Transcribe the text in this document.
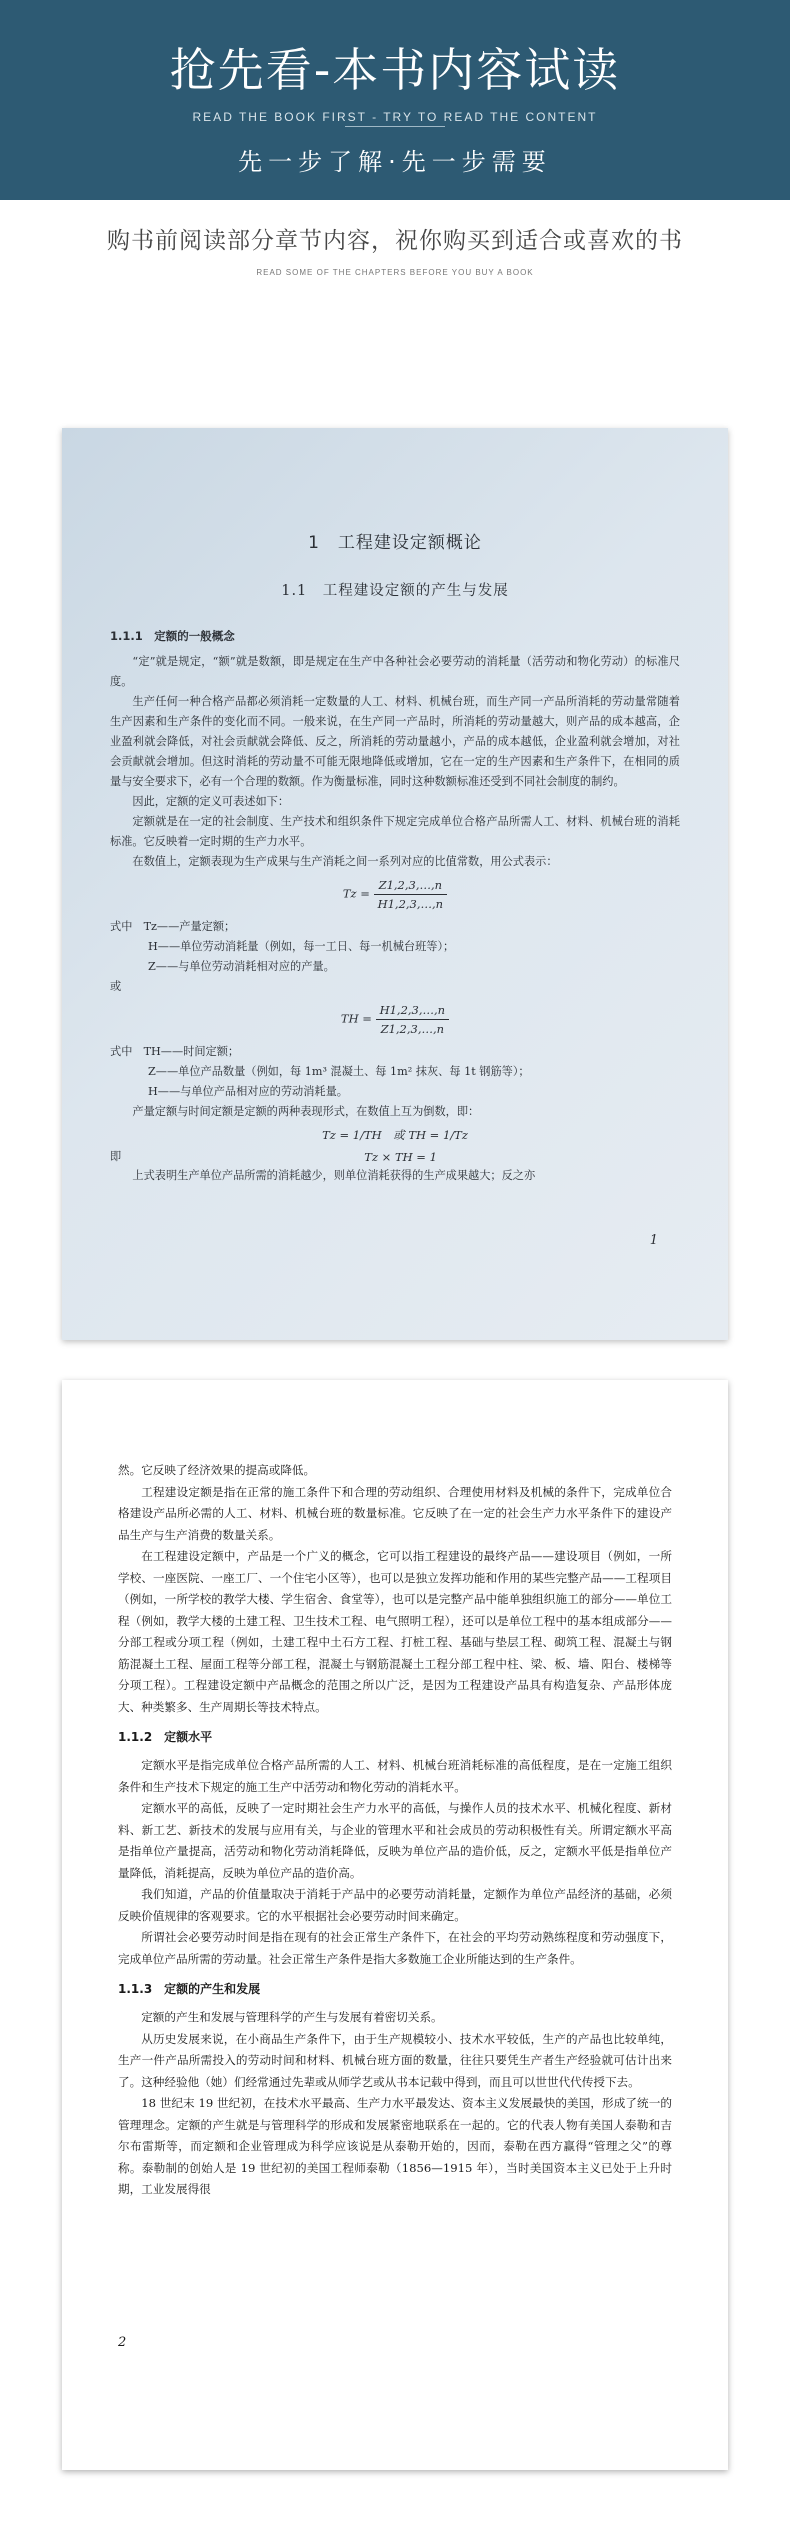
抢先看-本书内容试读
READ THE BOOK FIRST - TRY TO READ THE CONTENT
先一步了解·先一步需要
购书前阅读部分章节内容，祝你购买到适合或喜欢的书
READ SOME OF THE CHAPTERS BEFORE YOU BUY A BOOK
1　工程建设定额概论
1.1　工程建设定额的产生与发展
1.1.1　定额的一般概念

“定”就是规定，“额”就是数额，即是规定在生产中各种社会必要劳动的消耗量（活劳动和物化劳动）的标准尺度。

生产任何一种合格产品都必须消耗一定数量的人工、材料、机械台班，而生产同一产品所消耗的劳动量常随着生产因素和生产条件的变化而不同。一般来说，在生产同一产品时，所消耗的劳动量越大，则产品的成本越高，企业盈利就会降低，对社会贡献就会降低、反之，所消耗的劳动量越小，产品的成本越低，企业盈利就会增加，对社会贡献就会增加。但这时消耗的劳动量不可能无限地降低或增加，它在一定的生产因素和生产条件下，在相同的质量与安全要求下，必有一个合理的数额。作为衡量标准，同时这种数额标准还受到不同社会制度的制约。

因此，定额的定义可表述如下：

定额就是在一定的社会制度、生产技术和组织条件下规定完成单位合格产品所需人工、材料、机械台班的消耗标准。它反映着一定时期的生产力水平。

在数值上，定额表现为生产成果与生产消耗之间一系列对应的比值常数，用公式表示：

$Tz = \frac{Z1,2,3,\dots,n}{H1,2,3,\dots,n}$

式中　Tz——产量定额；

H——单位劳动消耗量（例如，每一工日、每一机械台班等）；

Z——与单位劳动消耗相对应的产量。

或

TH = $\frac{H1,2,3,\dots,n}{Z1,2,3,\dots,n}$

式中　TH——时间定额；

Z——单位产品数量（例如，每 1m³ 混凝土、每 1m² 抹灰、每 1t 钢筋等）；

H——与单位产品相对应的劳动消耗量。

产量定额与时间定额是定额的两种表现形式，在数值上互为倒数，即：

Tz = 1/TH　或 TH = 1/Tz
即	Tz × TH = 1

上式表明生产单位产品所需的消耗越少，则单位消耗获得的生产成果越大；反之亦

1

然。它反映了经济效果的提高或降低。

工程建设定额是指在正常的施工条件下和合理的劳动组织、合理使用材料及机械的条件下，完成单位合格建设产品所必需的人工、材料、机械台班的数量标准。它反映了在一定的社会生产力水平条件下的建设产品生产与生产消费的数量关系。

在工程建设定额中，产品是一个广义的概念，它可以指工程建设的最终产品——建设项目（例如，一所学校、一座医院、一座工厂、一个住宅小区等），也可以是独立发挥功能和作用的某些完整产品——工程项目（例如，一所学校的教学大楼、学生宿舍、食堂等），也可以是完整产品中能单独组织施工的部分——单位工程（例如，教学大楼的土建工程、卫生技术工程、电气照明工程），还可以是单位工程中的基本组成部分——分部工程或分项工程（例如，土建工程中土石方工程、打桩工程、基础与垫层工程、砌筑工程、混凝土与钢筋混凝土工程、屋面工程等分部工程，混凝土与钢筋混凝土工程分部工程中柱、梁、板、墙、阳台、楼梯等分项工程）。工程建设定额中产品概念的范围之所以广泛，是因为工程建设产品具有构造复杂、产品形体庞大、种类繁多、生产周期长等技术特点。

1.1.2　定额水平

定额水平是指完成单位合格产品所需的人工、材料、机械台班消耗标准的高低程度，是在一定施工组织条件和生产技术下规定的施工生产中活劳动和物化劳动的消耗水平。

定额水平的高低，反映了一定时期社会生产力水平的高低，与操作人员的技术水平、机械化程度、新材料、新工艺、新技术的发展与应用有关，与企业的管理水平和社会成员的劳动积极性有关。所谓定额水平高是指单位产量提高，活劳动和物化劳动消耗降低，反映为单位产品的造价低，反之，定额水平低是指单位产量降低，消耗提高，反映为单位产品的造价高。

我们知道，产品的价值量取决于消耗于产品中的必要劳动消耗量，定额作为单位产品经济的基础，必须反映价值规律的客观要求。它的水平根据社会必要劳动时间来确定。

所谓社会必要劳动时间是指在现有的社会正常生产条件下，在社会的平均劳动熟练程度和劳动强度下，完成单位产品所需的劳动量。社会正常生产条件是指大多数施工企业所能达到的生产条件。

1.1.3　定额的产生和发展

定额的产生和发展与管理科学的产生与发展有着密切关系。

从历史发展来说，在小商品生产条件下，由于生产规模较小、技术水平较低，生产的产品也比较单纯，生产一件产品所需投入的劳动时间和材料、机械台班方面的数量，往往只要凭生产者生产经验就可估计出来了。这种经验他（她）们经常通过先辈或从师学艺或从书本记载中得到，而且可以世世代代传授下去。

18 世纪末 19 世纪初，在技术水平最高、生产力水平最发达、资本主义发展最快的美国，形成了统一的管理理念。定额的产生就是与管理科学的形成和发展紧密地联系在一起的。它的代表人物有美国人泰勒和吉尔布雷斯等，而定额和企业管理成为科学应该说是从泰勒开始的，因而，泰勒在西方赢得“管理之父”的尊称。泰勒制的创始人是 19 世纪初的美国工程师泰勒（1856—1915 年），当时美国资本主义已处于上升时期，工业发展得很

2
